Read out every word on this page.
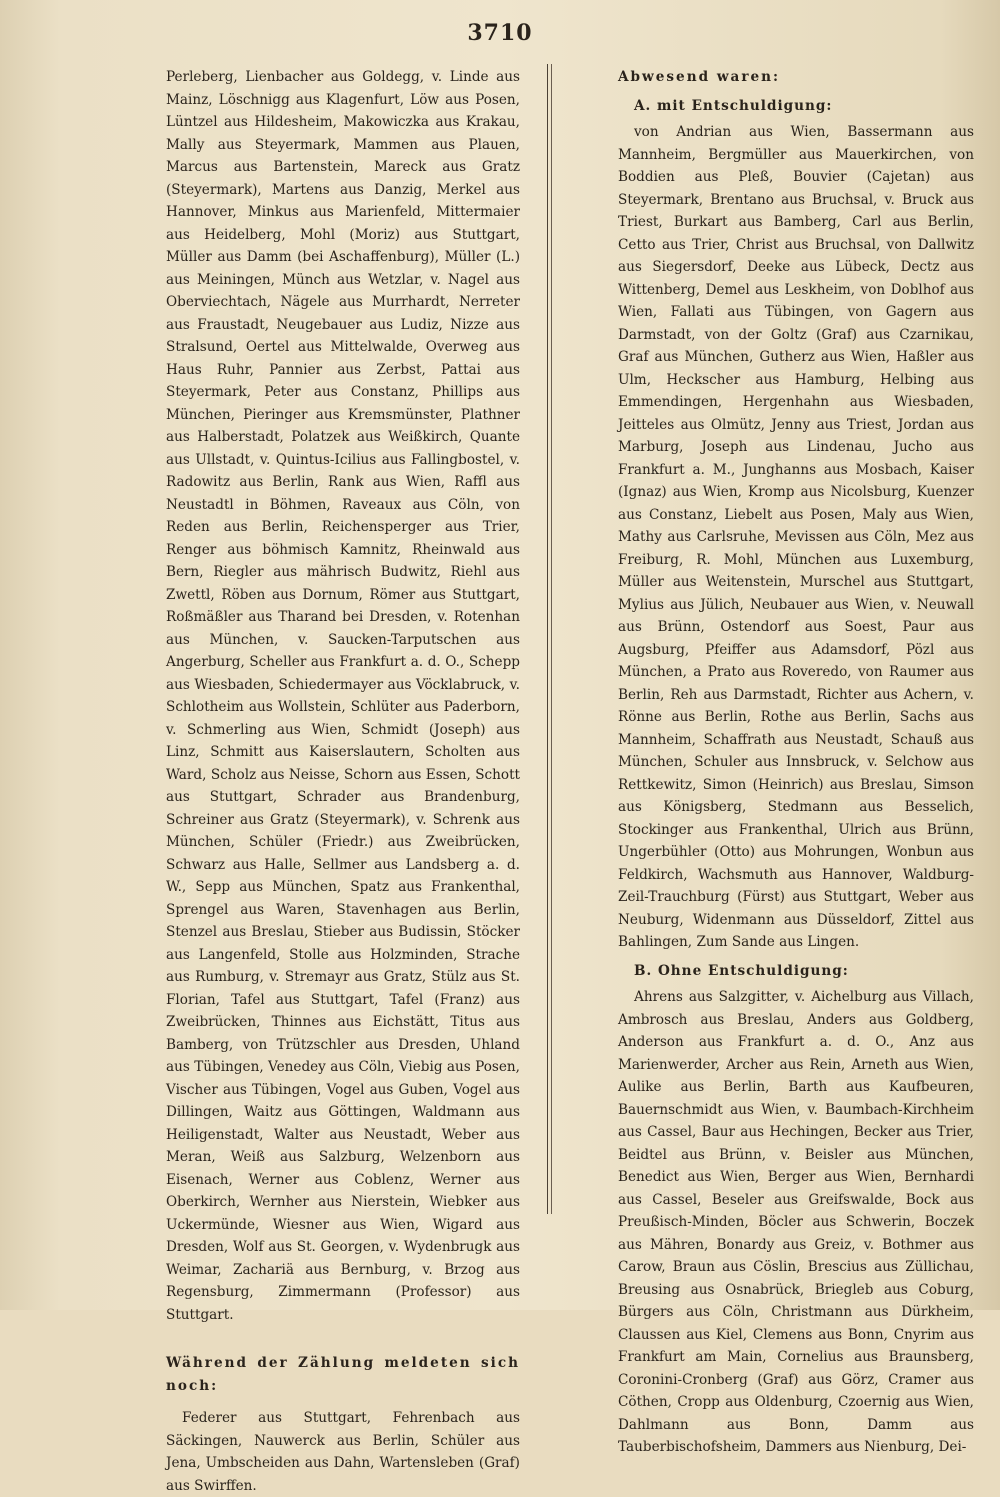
3710

Perleberg, Lienbacher aus Goldegg, v. Linde aus Mainz, Löschnigg aus Klagenfurt, Löw aus Posen, Lüntzel aus Hildesheim, Makowiczka aus Krakau, Mally aus Steyermark, Mammen aus Plauen, Marcus aus Bartenstein, Mareck aus Gratz (Steyermark), Martens aus Danzig, Merkel aus Hannover, Minkus aus Marienfeld, Mittermaier aus Heidelberg, Mohl (Moriz) aus Stuttgart, Müller aus Damm (bei Aschaffenburg), Müller (L.) aus Meiningen, Münch aus Wetzlar, v. Nagel aus Oberviechtach, Nägele aus Murrhardt, Nerreter aus Fraustadt, Neugebauer aus Ludiz, Nizze aus Stralsund, Oertel aus Mittelwalde, Overweg aus Haus Ruhr, Pannier aus Zerbst, Pattai aus Steyermark, Peter aus Constanz, Phillips aus München, Pieringer aus Kremsmünster, Plathner aus Halberstadt, Polatzek aus Weißkirch, Quante aus Ullstadt, v. Quintus-Icilius aus Fallingbostel, v. Radowitz aus Berlin, Rank aus Wien, Raffl aus Neustadtl in Böhmen, Raveaux aus Cöln, von Reden aus Berlin, Reichensperger aus Trier, Renger aus böhmisch Kamnitz, Rheinwald aus Bern, Riegler aus mährisch Budwitz, Riehl aus Zwettl, Röben aus Dornum, Römer aus Stuttgart, Roßmäßler aus Tharand bei Dresden, v. Rotenhan aus München, v. Saucken-Tarputschen aus Angerburg, Scheller aus Frankfurt a. d. O., Schepp aus Wiesbaden, Schiedermayer aus Vöcklabruck, v. Schlotheim aus Wollstein, Schlüter aus Paderborn, v. Schmerling aus Wien, Schmidt (Joseph) aus Linz, Schmitt aus Kaiserslautern, Scholten aus Ward, Scholz aus Neisse, Schorn aus Essen, Schott aus Stuttgart, Schrader aus Brandenburg, Schreiner aus Gratz (Steyermark), v. Schrenk aus München, Schüler (Friedr.) aus Zweibrücken, Schwarz aus Halle, Sellmer aus Landsberg a. d. W., Sepp aus München, Spatz aus Frankenthal, Sprengel aus Waren, Stavenhagen aus Berlin, Stenzel aus Breslau, Stieber aus Budissin, Stöcker aus Langenfeld, Stolle aus Holzminden, Strache aus Rumburg, v. Stremayr aus Gratz, Stülz aus St. Florian, Tafel aus Stuttgart, Tafel (Franz) aus Zweibrücken, Thinnes aus Eichstätt, Titus aus Bamberg, von Trützschler aus Dresden, Uhland aus Tübingen, Venedey aus Cöln, Viebig aus Posen, Vischer aus Tübingen, Vogel aus Guben, Vogel aus Dillingen, Waitz aus Göttingen, Waldmann aus Heiligenstadt, Walter aus Neustadt, Weber aus Meran, Weiß aus Salzburg, Welzenborn aus Eisenach, Werner aus Coblenz, Werner aus Oberkirch, Wernher aus Nierstein, Wiebker aus Uckermünde, Wiesner aus Wien, Wigard aus Dresden, Wolf aus St. Georgen, v. Wydenbrugk aus Weimar, Zachariä aus Bernburg, v. Brzog aus Regensburg, Zimmermann (Professor) aus Stuttgart.

Während der Zählung meldeten sich noch:

Federer aus Stuttgart, Fehrenbach aus Säckingen, Nauwerck aus Berlin, Schüler aus Jena, Umbscheiden aus Dahn, Wartensleben (Graf) aus Swirffen.

Abwesend waren:

A. mit Entschuldigung:

von Andrian aus Wien, Bassermann aus Mannheim, Bergmüller aus Mauerkirchen, von Boddien aus Pleß, Bouvier (Cajetan) aus Steyermark, Brentano aus Bruchsal, v. Bruck aus Triest, Burkart aus Bamberg, Carl aus Berlin, Cetto aus Trier, Christ aus Bruchsal, von Dallwitz aus Siegersdorf, Deeke aus Lübeck, Dectz aus Wittenberg, Demel aus Leskheim, von Doblhof aus Wien, Fallati aus Tübingen, von Gagern aus Darmstadt, von der Goltz (Graf) aus Czarnikau, Graf aus München, Gutherz aus Wien, Haßler aus Ulm, Heckscher aus Hamburg, Helbing aus Emmendingen, Hergenhahn aus Wiesbaden, Jeitteles aus Olmütz, Jenny aus Triest, Jordan aus Marburg, Joseph aus Lindenau, Jucho aus Frankfurt a. M., Junghanns aus Mosbach, Kaiser (Ignaz) aus Wien, Kromp aus Nicolsburg, Kuenzer aus Constanz, Liebelt aus Posen, Maly aus Wien, Mathy aus Carlsruhe, Mevissen aus Cöln, Mez aus Freiburg, R. Mohl, München aus Luxemburg, Müller aus Weitenstein, Murschel aus Stuttgart, Mylius aus Jülich, Neubauer aus Wien, v. Neuwall aus Brünn, Ostendorf aus Soest, Paur aus Augsburg, Pfeiffer aus Adamsdorf, Pözl aus München, a Prato aus Roveredo, von Raumer aus Berlin, Reh aus Darmstadt, Richter aus Achern, v. Rönne aus Berlin, Rothe aus Berlin, Sachs aus Mannheim, Schaffrath aus Neustadt, Schauß aus München, Schuler aus Innsbruck, v. Selchow aus Rettkewitz, Simon (Heinrich) aus Breslau, Simson aus Königsberg, Stedmann aus Besselich, Stockinger aus Frankenthal, Ulrich aus Brünn, Ungerbühler (Otto) aus Mohrungen, Wonbun aus Feldkirch, Wachsmuth aus Hannover, Waldburg-Zeil-Trauchburg (Fürst) aus Stuttgart, Weber aus Neuburg, Widenmann aus Düsseldorf, Zittel aus Bahlingen, Zum Sande aus Lingen.

B. Ohne Entschuldigung:

Ahrens aus Salzgitter, v. Aichelburg aus Villach, Ambrosch aus Breslau, Anders aus Goldberg, Anderson aus Frankfurt a. d. O., Anz aus Marienwerder, Archer aus Rein, Arneth aus Wien, Aulike aus Berlin, Barth aus Kaufbeuren, Bauernschmidt aus Wien, v. Baumbach-Kirchheim aus Cassel, Baur aus Hechingen, Becker aus Trier, Beidtel aus Brünn, v. Beisler aus München, Benedict aus Wien, Berger aus Wien, Bernhardi aus Cassel, Beseler aus Greifswalde, Bock aus Preußisch-Minden, Böcler aus Schwerin, Boczek aus Mähren, Bonardy aus Greiz, v. Bothmer aus Carow, Braun aus Cöslin, Brescius aus Züllichau, Breusing aus Osnabrück, Briegleb aus Coburg, Bürgers aus Cöln, Christmann aus Dürkheim, Claussen aus Kiel, Clemens aus Bonn, Cnyrim aus Frankfurt am Main, Cornelius aus Braunsberg, Coronini-Cronberg (Graf) aus Görz, Cramer aus Cöthen, Cropp aus Oldenburg, Czoernig aus Wien, Dahlmann aus Bonn, Damm aus Tauberbischofsheim, Dammers aus Nienburg, Dei-
